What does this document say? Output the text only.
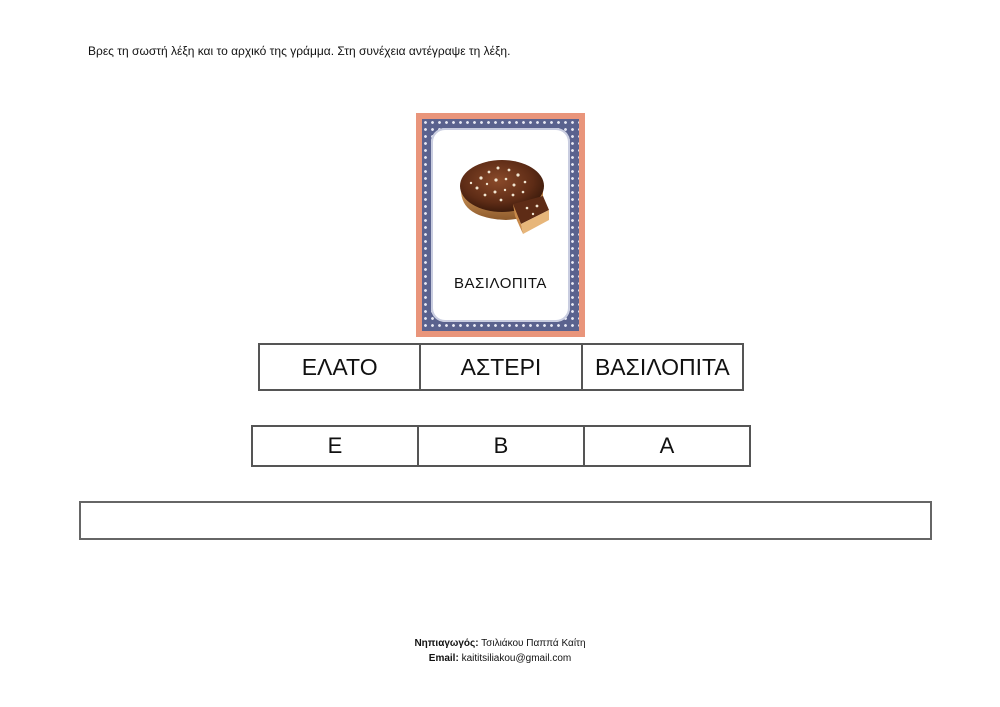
Βρες τη σωστή λέξη και το αρχικό της γράμμα. Στη συνέχεια αντέγραψε τη λέξη.
ΒΑΣΙΛΟΠΙΤΑ
ΕΛΑΤΟ	ΑΣΤΕΡΙ	ΒΑΣΙΛΟΠΙΤΑ
Ε	Β	Α
Νηπιαγωγός: Τσιλιάκου Παππά Καίτη
Email: kaititsiliakou@gmail.com
